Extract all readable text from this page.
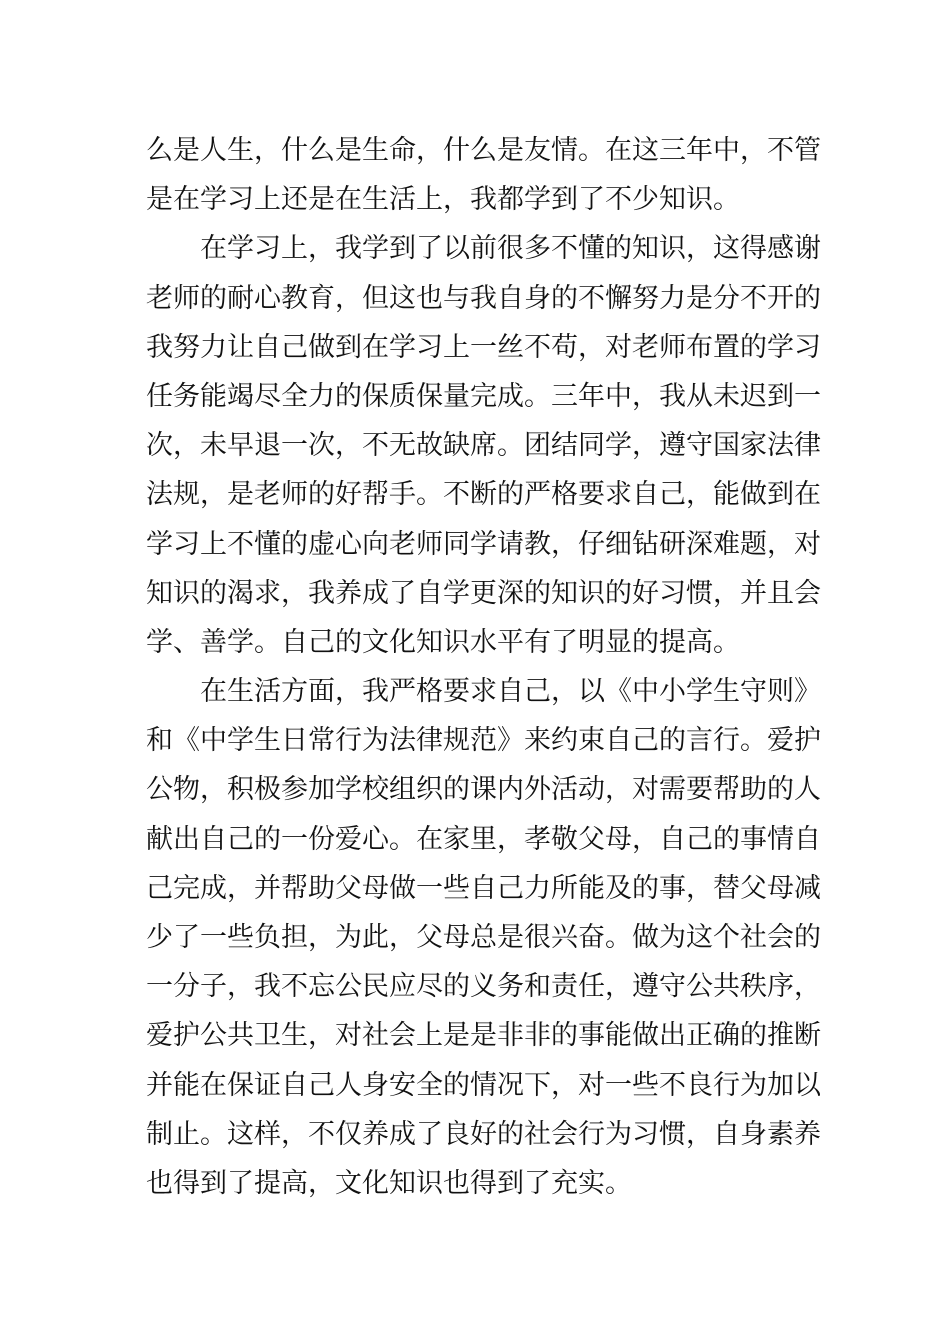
么是人生，什么是生命，什么是友情。在这三年中，不管
是在学习上还是在生活上，我都学到了不少知识。
在学习上，我学到了以前很多不懂的知识，这得感谢
老师的耐心教育，但这也与我自身的不懈努力是分不开的
我努力让自己做到在学习上一丝不苟，对老师布置的学习
任务能竭尽全力的保质保量完成。三年中，我从未迟到一
次，未早退一次，不无故缺席。团结同学，遵守国家法律
法规，是老师的好帮手。不断的严格要求自己，能做到在
学习上不懂的虚心向老师同学请教，仔细钻研深难题，对
知识的渴求，我养成了自学更深的知识的好习惯，并且会
学、善学。自己的文化知识水平有了明显的提高。
在生活方面，我严格要求自己，以《中小学生守则》
和《中学生日常行为法律规范》来约束自己的言行。爱护
公物，积极参加学校组织的课内外活动，对需要帮助的人
献出自己的一份爱心。在家里，孝敬父母，自己的事情自
己完成，并帮助父母做一些自己力所能及的事，替父母减
少了一些负担，为此，父母总是很兴奋。做为这个社会的
一分子，我不忘公民应尽的义务和责任，遵守公共秩序，
爱护公共卫生，对社会上是是非非的事能做出正确的推断
并能在保证自己人身安全的情况下，对一些不良行为加以
制止。这样，不仅养成了良好的社会行为习惯，自身素养
也得到了提高，文化知识也得到了充实。
